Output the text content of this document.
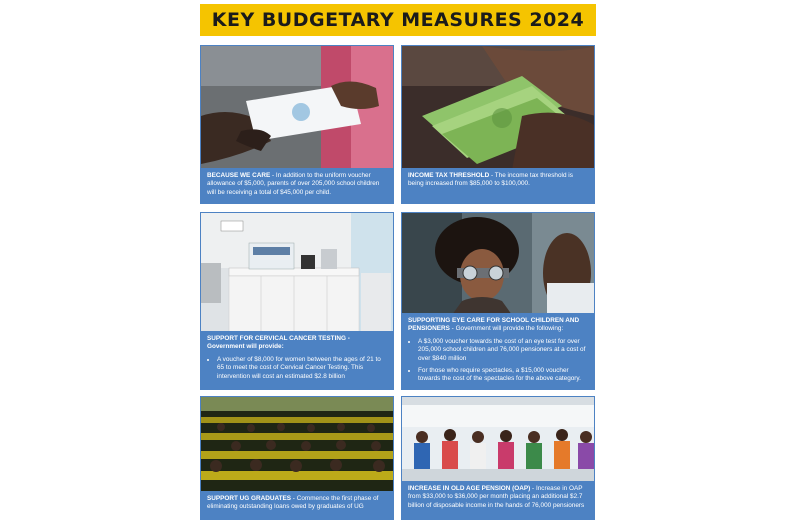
KEY BUDGETARY MEASURES 2024

BECAUSE WE CARE - In addition to the uniform voucher allowance of $5,000, parents of over 205,000 school children will be receiving a total of $45,000 per child.

INCOME TAX THRESHOLD - The income tax threshold is being increased from $85,000 to $100,000.

SUPPORT FOR CERVICAL CANCER TESTING -
Government will provide:

• A voucher of $8,000 for women between the ages of 21 to 65 to meet the cost of Cervical Cancer Testing. This intervention will cost an estimated $2.8 billion

SUPPORTING EYE CARE FOR SCHOOL CHILDREN AND PENSIONERS - Government will provide the following:

• A $3,000 voucher towards the cost of an eye test for over 205,000 school children and 76,000 pensioners at a cost of over $840 million
• For those who require spectacles, a $15,000 voucher towards the cost of the spectacles for the above category.

SUPPORT UG GRADUATES - Commence the first phase of eliminating outstanding loans owed by graduates of UG

INCREASE IN OLD AGE PENSION (OAP) - Increase in OAP from $33,000 to $36,000 per month placing an additional $2.7 billion of disposable income in the hands of 76,000 pensioners
